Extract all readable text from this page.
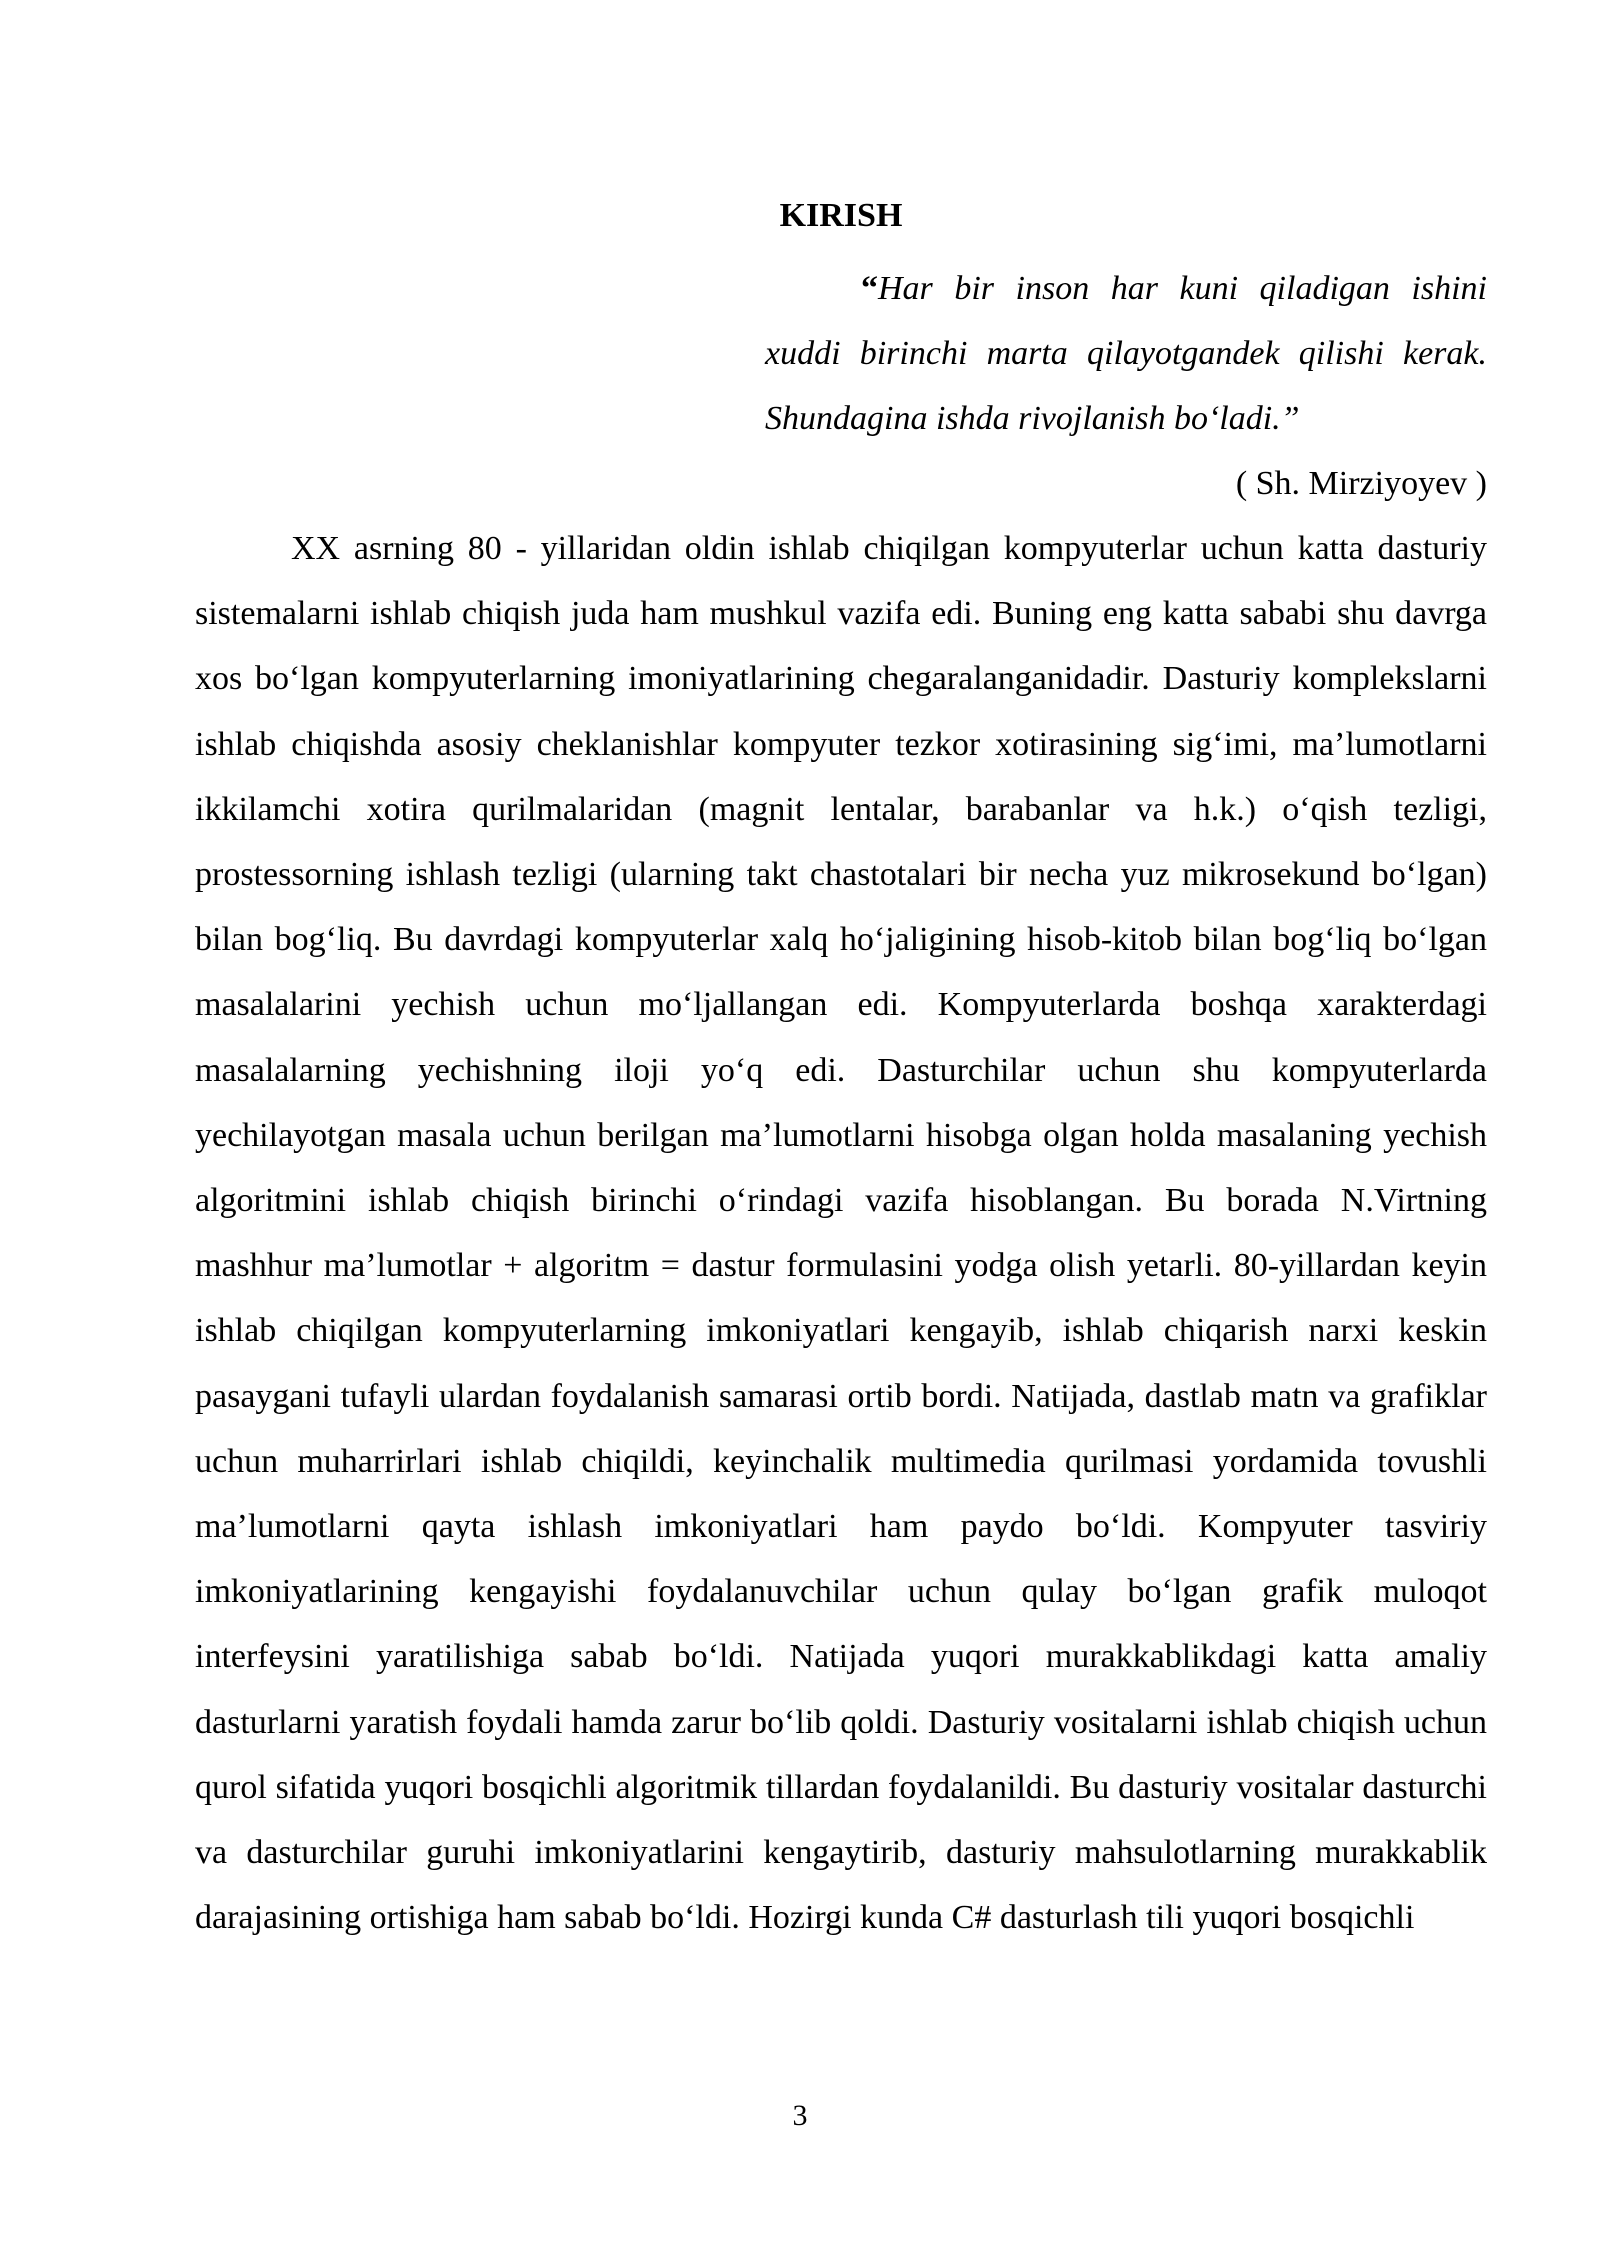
KIRISH
“Har bir inson har kuni qiladigan ishini xuddi birinchi marta qilayotgandek qilishi kerak. Shundagina ishda rivojlanish bo‘ladi.”
( Sh. Mirziyoyev )

XX asrning 80 - yillaridan oldin ishlab chiqilgan kompyuterlar uchun katta dasturiy sistemalarni ishlab chiqish juda ham mushkul vazifa edi. Buning eng katta sababi shu davrga xos bo‘lgan kompyuterlarning imoniyatlarining chegaralanganidadir. Dasturiy komplekslarni ishlab chiqishda asosiy cheklanishlar kompyuter tezkor xotirasining sig‘imi, ma’lumotlarni ikkilamchi xotira qurilmalaridan (magnit lentalar, barabanlar va h.k.) o‘qish tezligi, prostessorning ishlash tezligi (ularning takt chastotalari bir necha yuz mikrosekund bo‘lgan) bilan bog‘liq. Bu davrdagi kompyuterlar xalq ho‘jaligining hisob-kitob bilan bog‘liq bo‘lgan masalalarini yechish uchun mo‘ljallangan edi. Kompyuterlarda boshqa xarakterdagi masalalarning yechishning iloji yo‘q edi. Dasturchilar uchun shu kompyuterlarda yechilayotgan masala uchun berilgan ma’lumotlarni hisobga olgan holda masalaning yechish algoritmini ishlab chiqish birinchi o‘rindagi vazifa hisoblangan. Bu borada N.Virtning mashhur ma’lumotlar + algoritm = dastur formulasini yodga olish yetarli. 80-yillardan keyin ishlab chiqilgan kompyuterlarning imkoniyatlari kengayib, ishlab chiqarish narxi keskin pasaygani tufayli ulardan foydalanish samarasi ortib bordi. Natijada, dastlab matn va grafiklar uchun muharrirlari ishlab chiqildi, keyinchalik multimedia qurilmasi yordamida tovushli ma’lumotlarni qayta ishlash imkoniyatlari ham paydo bo‘ldi. Kompyuter tasviriy imkoniyatlarining kengayishi foydalanuvchilar uchun qulay bo‘lgan grafik muloqot interfeysini yaratilishiga sabab bo‘ldi. Natijada yuqori murakkablikdagi katta amaliy dasturlarni yaratish foydali hamda zarur bo‘lib qoldi. Dasturiy vositalarni ishlab chiqish uchun qurol sifatida yuqori bosqichli algoritmik tillardan foydalanildi. Bu dasturiy vositalar dasturchi va dasturchilar guruhi imkoniyatlarini kengaytirib, dasturiy mahsulotlarning murakkablik darajasining ortishiga ham sabab bo‘ldi. Hozirgi kunda C# dasturlash tili yuqori bosqichli

3
